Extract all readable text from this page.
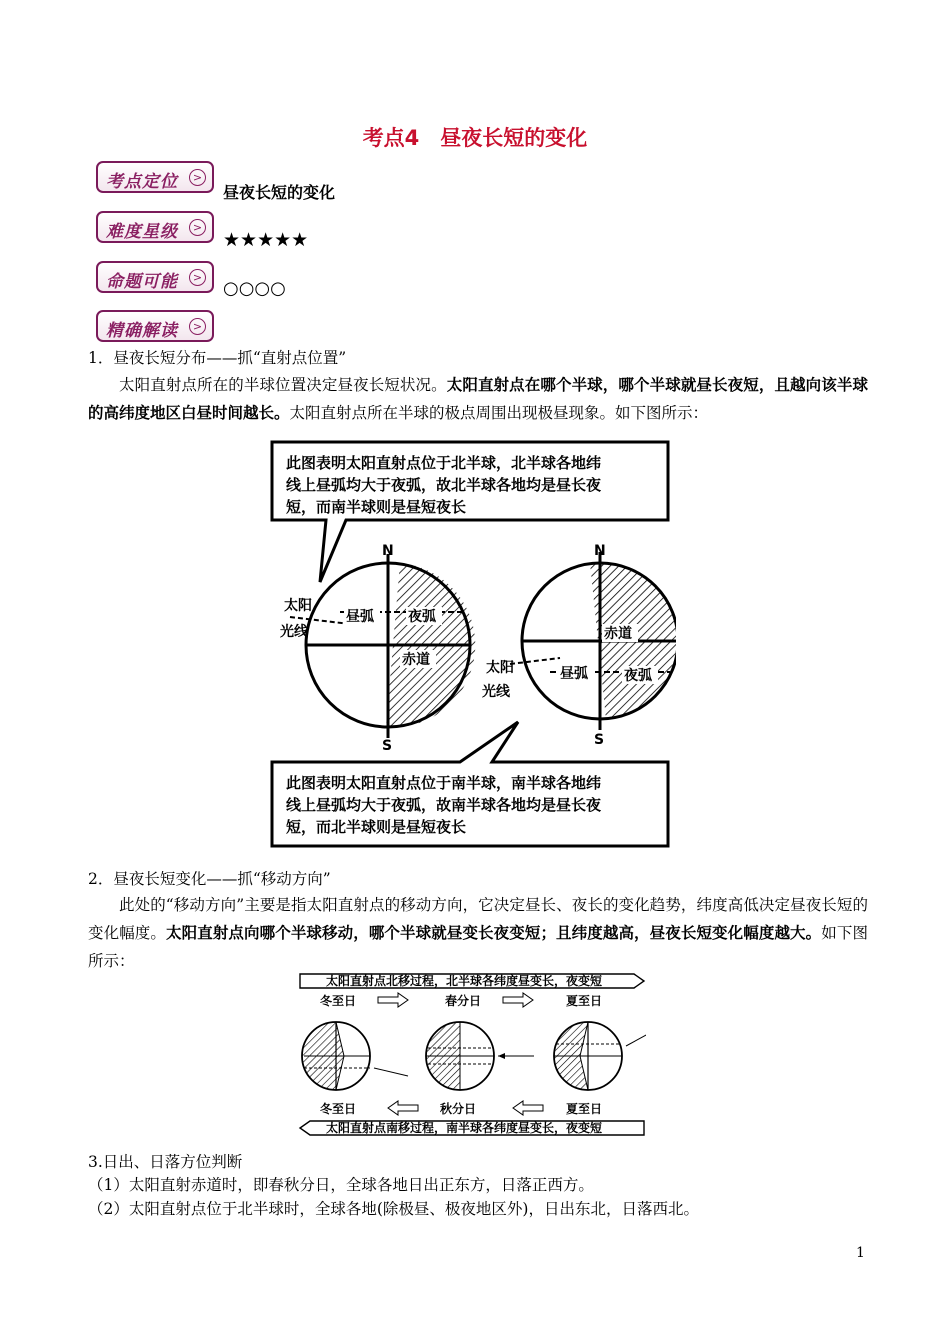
考点4　昼夜长短的变化
考点定位	>
昼夜长短的变化
难度星级	>
★★★★★
命题可能	>
○○○○
精确解读	>
1．昼夜长短分布——抓“直射点位置”
太阳直射点所在的半球位置决定昼夜长短状况。太阳直射点在哪个半球，哪个半球就昼长夜短，且越向该半球的高纬度地区白昼时间越长。太阳直射点所在半球的极点周围出现极昼现象。如下图所示：
此图表明太阳直射点位于北半球，北半球各地纬
线上昼弧均大于夜弧，故北半球各地均是昼长夜
短，而南半球则是昼短夜长
昼弧 夜弧
赤道
N
S
太阳
光线	赤道
昼弧	夜弧
N
S
太阳
光线
此图表明太阳直射点位于南半球，南半球各地纬
线上昼弧均大于夜弧，故南半球各地均是昼长夜
短，而北半球则是昼短夜长
2．昼夜长短变化——抓“移动方向”
此处的“移动方向”主要是指太阳直射点的移动方向，它决定昼长、夜长的变化趋势，纬度高低决定昼夜长短的变化幅度。太阳直射点向哪个半球移动，哪个半球就昼变长夜变短；且纬度越高，昼夜长短变化幅度越大。如下图所示：
太阳直射点北移过程，北半球各纬度昼变长，夜变短
冬至日	春分日	夏至日
冬至日	秋分日	夏至日
太阳直射点南移过程，南半球各纬度昼变长，夜变短
3.日出、日落方位判断
（1）太阳直射赤道时，即春秋分日，全球各地日出正东方，日落正西方。
（2）太阳直射点位于北半球时，全球各地(除极昼、极夜地区外)，日出东北，日落西北。
1
